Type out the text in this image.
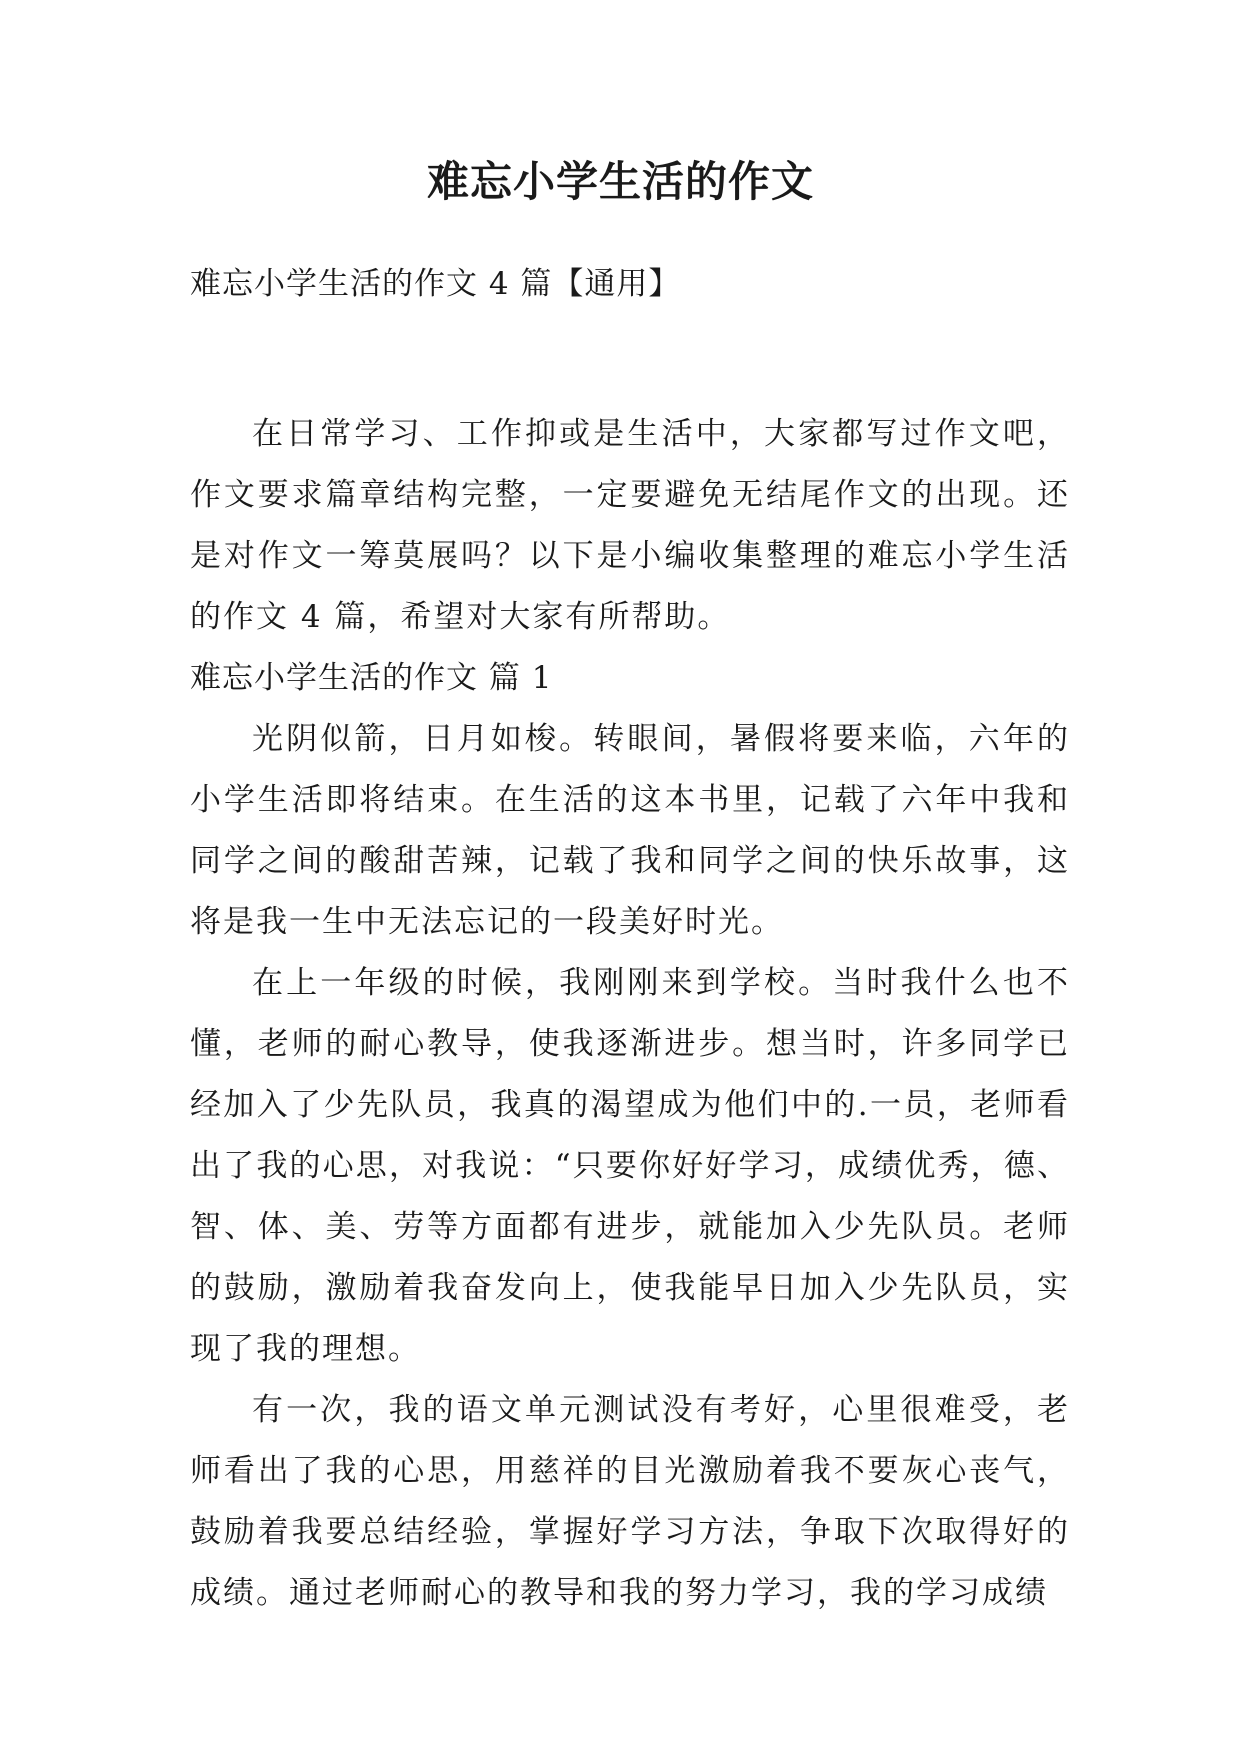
难忘小学生活的作文
难忘小学生活的作文 4 篇【通用】

在日常学习、工作抑或是生活中，大家都写过作文吧，作文要求篇章结构完整，一定要避免无结尾作文的出现。还是对作文一筹莫展吗？以下是小编收集整理的难忘小学生活的作文 4 篇，希望对大家有所帮助。

难忘小学生活的作文 篇 1

光阴似箭，日月如梭。转眼间，暑假将要来临，六年的小学生活即将结束。在生活的这本书里，记载了六年中我和同学之间的酸甜苦辣，记载了我和同学之间的快乐故事，这将是我一生中无法忘记的一段美好时光。

在上一年级的时候，我刚刚来到学校。当时我什么也不懂，老师的耐心教导，使我逐渐进步。想当时，许多同学已经加入了少先队员，我真的渴望成为他们中的.一员，老师看出了我的心思，对我说：“只要你好好学习，成绩优秀，德、智、体、美、劳等方面都有进步，就能加入少先队员。老师的鼓励，激励着我奋发向上，使我能早日加入少先队员，实现了我的理想。

有一次，我的语文单元测试没有考好，心里很难受，老师看出了我的心思，用慈祥的目光激励着我不要灰心丧气，鼓励着我要总结经验，掌握好学习方法，争取下次取得好的成绩。通过老师耐心的教导和我的努力学习，我的学习成绩
